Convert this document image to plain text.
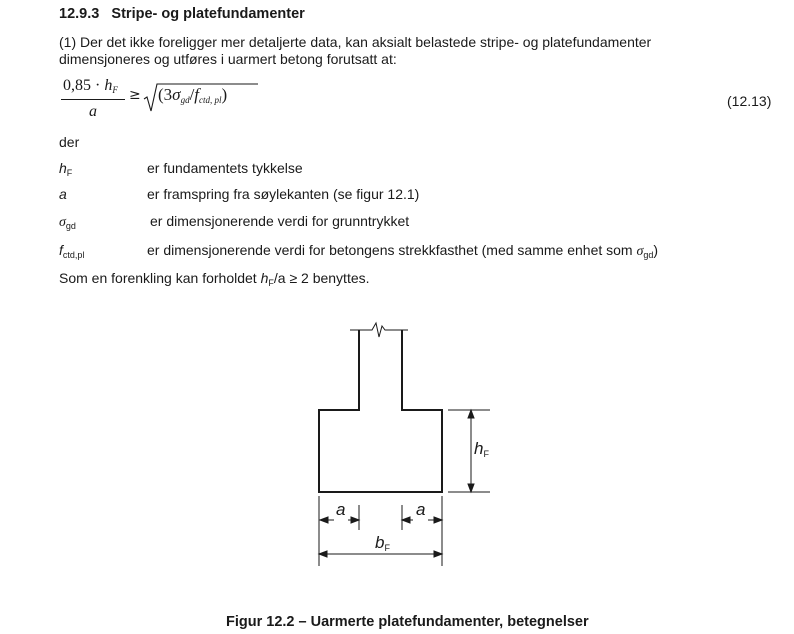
12.9.3 Stripe- og platefundamenter
(1) Der det ikke foreligger mer detaljerte data, kan aksialt belastede stripe- og platefundamenter
dimensjoneres og utføres i uarmert betong forutsatt at:
$0,85 \cdot h_F$
a
≥ $(3\sigma_{gd}/f_{ctd, pl})$	(12.13)
der
$h_F$	er fundamentets tykkelse
a	er framspring fra søylekanten (se figur 12.1)
$\sigma_{gd}$	er dimensjonerende verdi for grunntrykket
$f_{ctd,pl}$	er dimensjonerende verdi for betongens strekkfasthet (med samme enhet som $\sigma_{gd}$)
Som en forenkling kan forholdet $h_F/a \ge 2$ benyttes.
a	a
$b_F$
$h_F$
Figur 12.2 – Uarmerte platefundamenter, betegnelser
